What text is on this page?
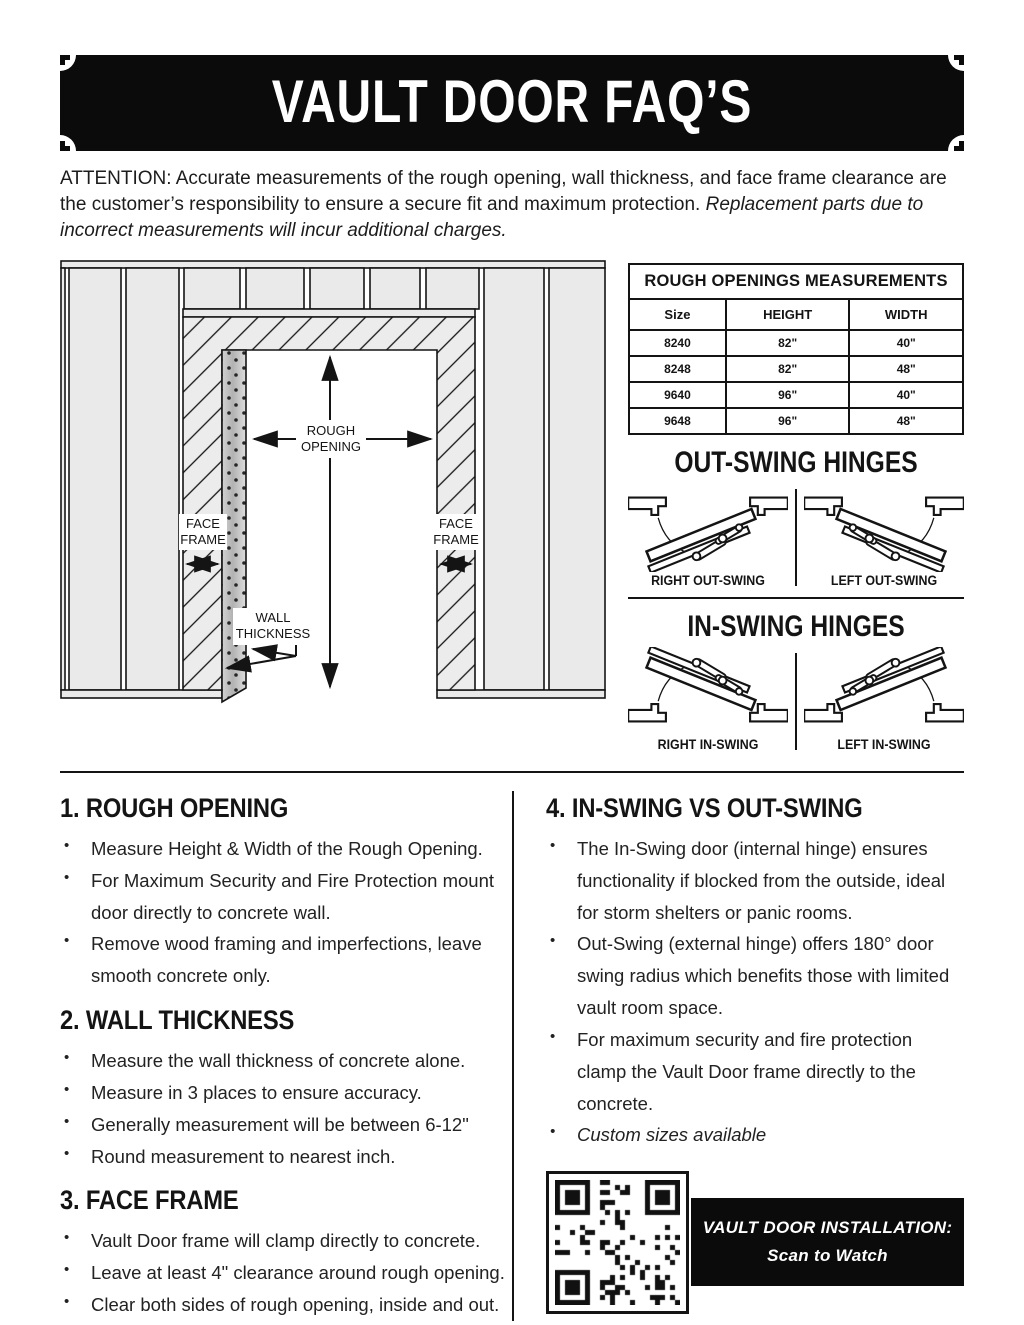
VAULT DOOR FAQ’S

ATTENTION: Accurate measurements of the rough opening, wall thickness, and face frame clearance are the customer’s responsibility to ensure a secure fit and maximum protection. Replacement parts due to incorrect measurements will incur additional charges.

ROUGH
OPENING
FACE
FRAME
FACE
FRAME
WALL
THICKNESS
ROUGH OPENINGS MEASUREMENTS		
Size	HEIGHT	WIDTH
8240	82"	40"
8248	82"	48"
9640	96"	40"
9648	96"	48"
OUT-SWING HINGES
RIGHT OUT-SWING	LEFT OUT-SWING
IN-SWING HINGES
RIGHT IN-SWING	LEFT IN-SWING
1. ROUGH OPENING
• Measure Height & Width of the Rough Opening.
• For Maximum Security and Fire Protection mount door directly to concrete wall.
• Remove wood framing and imperfections, leave smooth concrete only.
2. WALL THICKNESS
• Measure the wall thickness of concrete alone.
• Measure in 3 places to ensure accuracy.
• Generally measurement will be between 6-12"
• Round measurement to nearest inch.
3. FACE FRAME
• Vault Door frame will clamp directly to concrete.
• Leave at least 4" clearance around rough opening.
• Clear both sides of rough opening, inside and out.
4. IN-SWING VS OUT-SWING
• The In-Swing door (internal hinge) ensures functionality if blocked from the outside, ideal for storm shelters or panic rooms.
• Out-Swing (external hinge) offers 180° door swing radius which benefits those with limited vault room space.
• For maximum security and fire protection clamp the Vault Door frame directly to the concrete.
• Custom sizes available
VAULT DOOR INSTALLATION:
Scan to Watch
